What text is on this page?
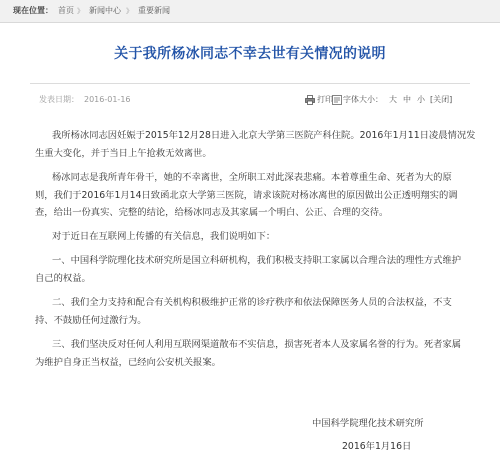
现在位置： 首页 》 新闻中心 》 重要新闻
关于我所杨冰同志不幸去世有关情况的说明
发表日期： 2016-01-16	打印 字体大小： 大 中 小 [关闭]
我所杨冰同志因妊娠于2015年12月28日进入北京大学第三医院产科住院。2016年1月11日凌晨情况发
生重大变化，并于当日上午抢救无效离世。
杨冰同志是我所青年骨干，她的不幸离世，全所职工对此深表悲痛。本着尊重生命、死者为大的原
则，我们于2016年1月14日致函北京大学第三医院，请求该院对杨冰离世的原因做出公正透明翔实的调
查，给出一份真实、完整的结论，给杨冰同志及其家属一个明白、公正、合理的交待。
对于近日在互联网上传播的有关信息，我们说明如下：
一、中国科学院理化技术研究所是国立科研机构，我们积极支持职工家属以合理合法的理性方式维护
自己的权益。
二、我们全力支持和配合有关机构积极维护正常的诊疗秩序和依法保障医务人员的合法权益，不支
持、不鼓励任何过激行为。
三、我们坚决反对任何人利用互联网渠道散布不实信息，损害死者本人及家属名誉的行为。死者家属
为维护自身正当权益，已经向公安机关报案。
中国科学院理化技术研究所
2016年1月16日
